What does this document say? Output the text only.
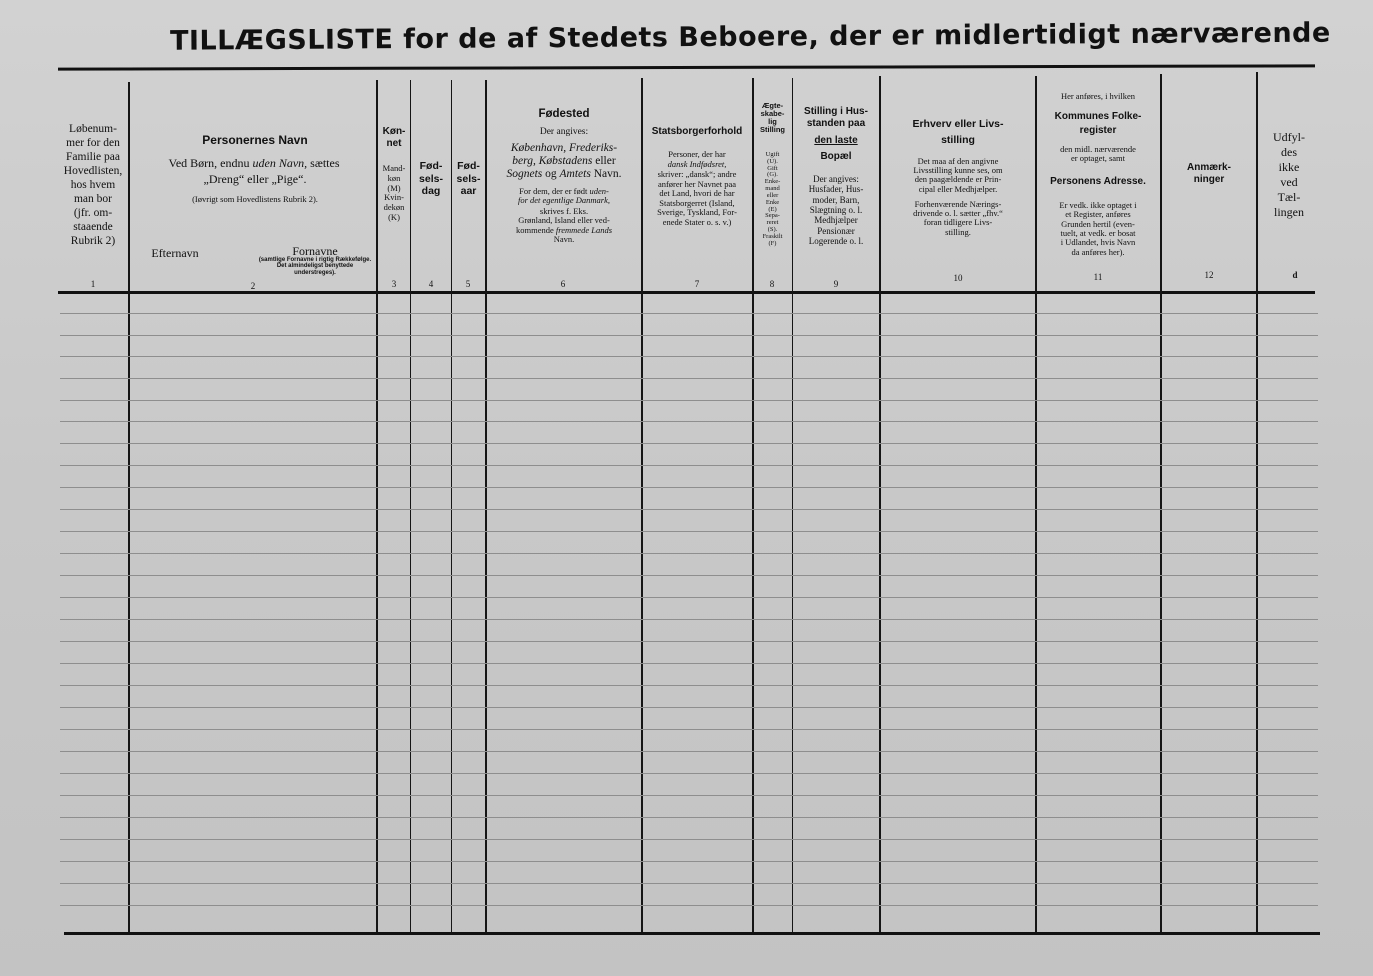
TILLÆGSLISTE for de af Stedets Beboere, der er midlertidigt nærværende
Løbenum-
mer for den
Familie paa
Hovedlisten,
hos hvem
man bor
(jfr. om-
staaende
Rubrik 2)
1
Personernes Navn
Ved Børn, endnu uden Navn, sættes
„Dreng“ eller „Pige“.
(Iøvrigt som Hovedlistens Rubrik 2).
Efternavn	Fornavne
(samtlige Fornavne i rigtig Rækkefølge. Det almindeligst benyttede understreges).
2
Køn-
net
Mand-
køn
(M)
Kvin-
dekøn
(K)
3
Fød-
sels-
dag
4
Fød-
sels-
aar
5
Fødested
Der angives:
København, Frederiks-
berg, Købstadens eller
Sognets og Amtets Navn.
For dem, der er født uden-
for det egentlige Danmark,
skrives f. Eks.
Grønland, Island eller ved-
kommende fremmede Lands
Navn.
6
Statsborgerforhold
Personer, der har
dansk Indfødsret,
skriver: „dansk“; andre
anfører her Navnet paa
det Land, hvori de har
Statsborgerret (Island,
Sverige, Tyskland, For-
enede Stater o. s. v.)
7
Ægte-
skabe-
lig
Stilling
Ugift
(U).
Gift
(G).
Enke-
mand
eller
Enke
(E)
Sepa-
reret
(S).
Fraskilt
(F)
8
Stilling i Hus-
standen paa
den laste
Bopæl
Der angives:
Husfader, Hus-
moder, Barn,
Slægtning o. l.
Medhjælper
Pensionær
Logerende o. l.
9
Erhverv eller Livs-
stilling
Det maa af den angivne
Livsstilling kunne ses, om
den paagældende er Prin-
cipal eller Medhjælper.
Forhenværende Nærings-
drivende o. l. sætter „fhv.“
foran tidligere Livs-
stilling.
10
Her anføres, i hvilken
Kommunes Folke-
register
den midl. nærværende
er optaget, samt
Personens Adresse.
Er vedk. ikke optaget i
et Register, anføres
Grunden hertil (even-
tuelt, at vedk. er bosat
i Udlandet, hvis Navn
da anføres her).
11
Anmærk-
ninger
12
Udfyl-
des
ikke
ved
Tæl-
lingen
d
